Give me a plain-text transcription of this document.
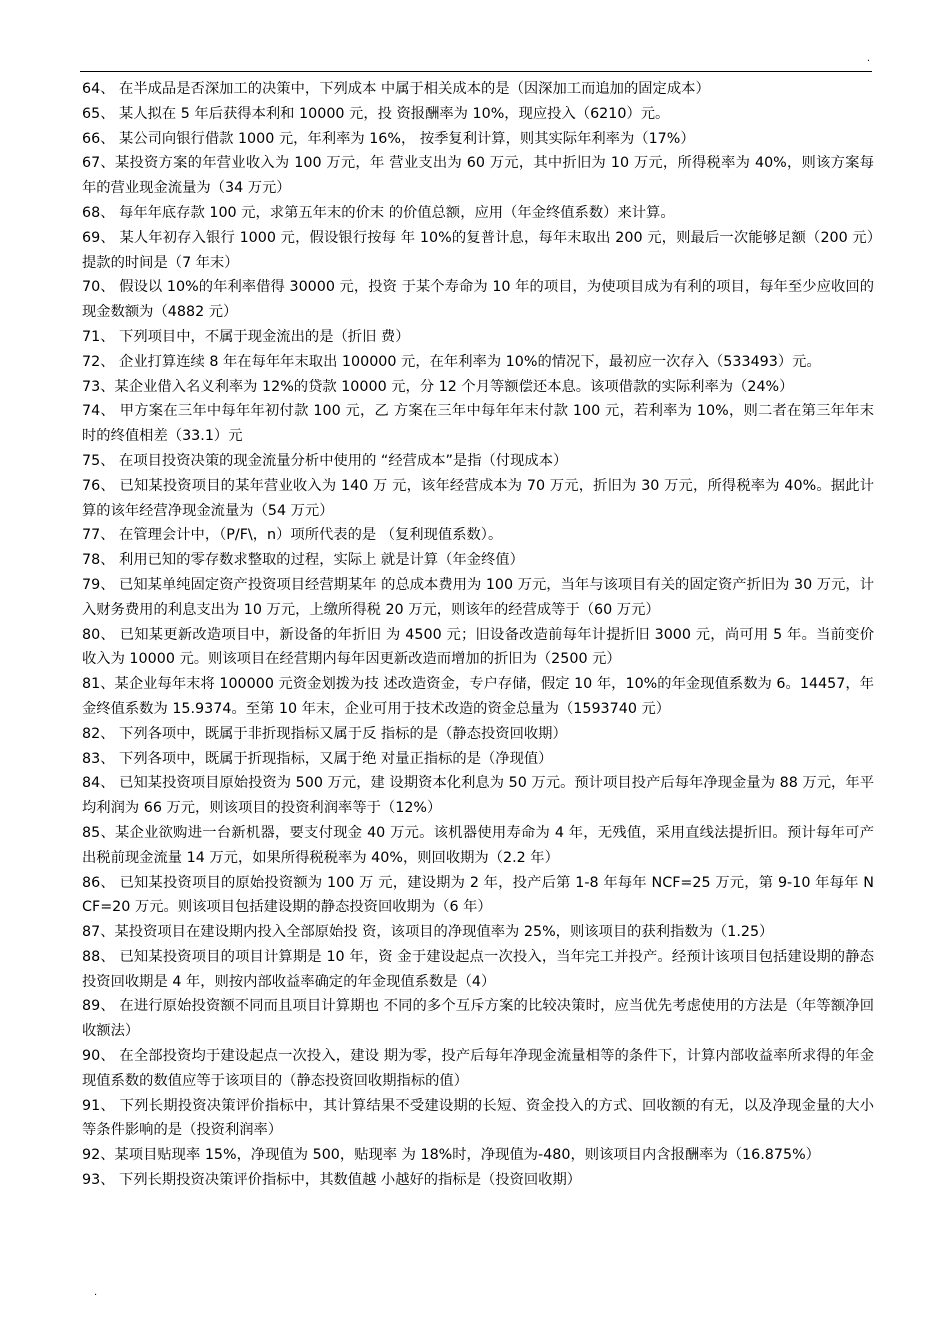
.

64、 在半成品是否深加工的决策中，下列成本 中属于相关成本的是（因深加工而追加的固定成本）

65、 某人拟在 5 年后获得本利和 10000 元，投 资报酬率为 10%，现应投入（6210）元。

66、 某公司向银行借款 1000 元，年利率为 16%， 按季复利计算，则其实际年利率为（17%）

67、某投资方案的年营业收入为 100 万元，年 营业支出为 60 万元，其中折旧为 10 万元，所得税率为 40%，则该方案每年的营业现金流量为（34 万元）

68、 每年年底存款 100 元，求第五年末的价末 的价值总额，应用（年金终值系数）来计算。

69、 某人年初存入银行 1000 元，假设银行按每 年 10%的复普计息，每年末取出 200 元，则最后一次能够足额（200 元）提款的时间是（7 年末）

70、 假设以 10%的年利率借得 30000 元，投资 于某个寿命为 10 年的项目，为使项目成为有利的项目，每年至少应收回的现金数额为（4882 元）

71、 下列项目中，不属于现金流出的是（折旧 费）

72、 企业打算连续 8 年在每年年末取出 100000 元，在年利率为 10%的情况下，最初应一次存入（533493）元。

73、某企业借入名义利率为 12%的贷款 10000 元，分 12 个月等额偿还本息。该项借款的实际利率为（24%）

74、 甲方案在三年中每年年初付款 100 元，乙 方案在三年中每年年末付款 100 元，若利率为 10%，则二者在第三年年末时的终值相差（33.1）元

75、 在项目投资决策的现金流量分析中使用的 “经营成本”是指（付现成本）

76、 已知某投资项目的某年营业收入为 140 万 元，该年经营成本为 70 万元，折旧为 30 万元，所得税率为 40%。据此计算的该年经营净现金流量为（54 万元）

77、 在管理会计中，（P/F\，n）项所代表的是 （复利现值系数）。

78、 利用已知的零存数求整取的过程，实际上 就是计算（年金终值）

79、 已知某单纯固定资产投资项目经营期某年 的总成本费用为 100 万元，当年与该项目有关的固定资产折旧为 30 万元，计入财务费用的利息支出为 10 万元，上缴所得税 20 万元，则该年的经营成等于（60 万元）

80、 已知某更新改造项目中，新设备的年折旧 为 4500 元；旧设备改造前每年计提折旧 3000 元，尚可用 5 年。当前变价收入为 10000 元。则该项目在经营期内每年因更新改造而增加的折旧为（2500 元）

81、某企业每年末将 100000 元资金划拨为技 述改造资金，专户存储，假定 10 年，10%的年金现值系数为 6。14457，年金终值系数为 15.9374。至第 10 年末，企业可用于技术改造的资金总量为（1593740 元）

82、 下列各项中，既属于非折现指标又属于反 指标的是（静态投资回收期）

83、 下列各项中，既属于折现指标，又属于绝 对量正指标的是（净现值）

84、 已知某投资项目原始投资为 500 万元，建 设期资本化利息为 50 万元。预计项目投产后每年净现金量为 88 万元，年平均利润为 66 万元，则该项目的投资利润率等于（12%）

85、某企业欲购进一台新机器，要支付现金 40 万元。该机器使用寿命为 4 年，无残值，采用直线法提折旧。预计每年可产出税前现金流量 14 万元，如果所得税税率为 40%，则回收期为（2.2 年）

86、 已知某投资项目的原始投资额为 100 万 元，建设期为 2 年，投产后第 1-8 年每年 NCF=25 万元，第 9-10 年每年 NCF=20 万元。则该项目包括建设期的静态投资回收期为（6 年）

87、某投资项目在建设期内投入全部原始投 资，该项目的净现值率为 25%，则该项目的获利指数为（1.25）

88、 已知某投资项目的项目计算期是 10 年，资 金于建设起点一次投入，当年完工并投产。经预计该项目包括建设期的静态投资回收期是 4 年，则按内部收益率确定的年金现值系数是（4）

89、 在进行原始投资额不同而且项目计算期也 不同的多个互斥方案的比较决策时，应当优先考虑使用的方法是（年等额净回收额法）

90、 在全部投资均于建设起点一次投入，建设 期为零，投产后每年净现金流量相等的条件下，计算内部收益率所求得的年金现值系数的数值应等于该项目的（静态投资回收期指标的值）

91、 下列长期投资决策评价指标中，其计算结果不受建设期的长短、资金投入的方式、回收额的有无，以及净现金量的大小等条件影响的是（投资利润率）

92、某项目贴现率 15%，净现值为 500，贴现率 为 18%时，净现值为-480，则该项目内含报酬率为（16.875%）

93、 下列长期投资决策评价指标中，其数值越 小越好的指标是（投资回收期）

.
